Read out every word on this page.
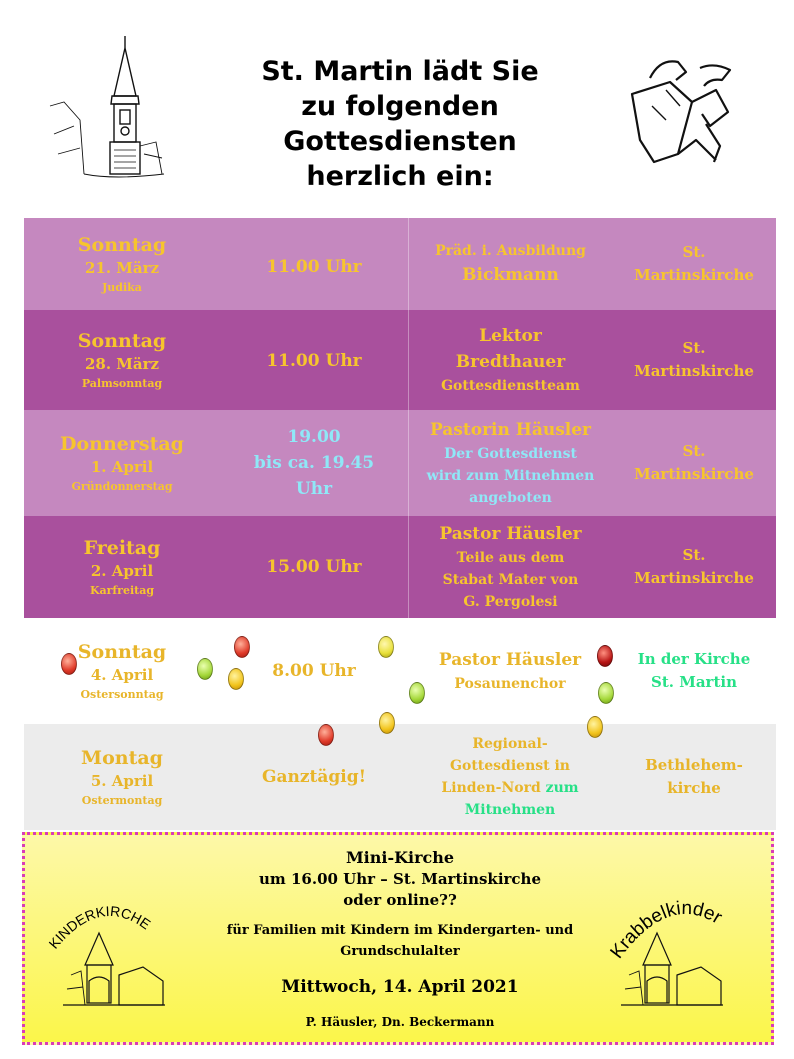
St. Martin lädt Sie
zu folgenden
Gottesdiensten
herzlich ein:
Sonntag
21. März
Judika
11.00 Uhr
Präd. i. Ausbildung
Bickmann
St.
Martinskirche
Sonntag
28. März
Palmsonntag
11.00 Uhr
Lektor
Bredthauer
Gottesdienstteam
St.
Martinskirche
Donnerstag
1. April
Gründonnerstag
19.00
bis ca. 19.45
Uhr
Pastorin Häusler
Der Gottesdienst
wird zum Mitnehmen
angeboten
St.
Martinskirche
Freitag
2. April
Karfreitag
15.00 Uhr
Pastor Häusler
Teile aus dem
Stabat Mater von
G. Pergolesi
St.
Martinskirche
Sonntag
4. April
Ostersonntag
8.00 Uhr
Pastor Häusler
Posaunenchor
In der Kirche
St. Martin
Montag
5. April
Ostermontag
Ganztägig!
Regional-
Gottesdienst in
Linden-Nord zum
Mitnehmen
Bethlehem-
kirche
KINDERKIRCHE
Krabbelkinder
Mini-Kirche
um 16.00 Uhr – St. Martinskirche
oder online??
für Familien mit Kindern im Kindergarten- und
Grundschulalter
Mittwoch, 14. April 2021
P. Häusler, Dn. Beckermann
